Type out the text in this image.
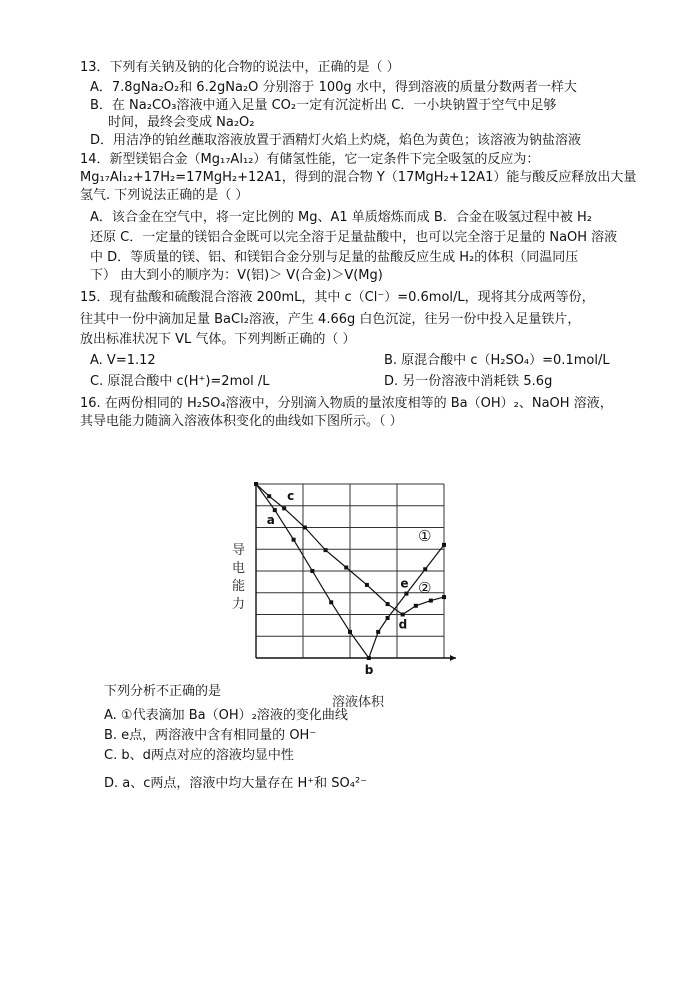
13．下列有关钠及钠的化合物的说法中，正确的是（ ）
A．7.8gNa₂O₂和 6.2gNa₂O 分别溶于 100g 水中，得到溶液的质量分数两者一样大
B．在 Na₂CO₃溶液中通入足量 CO₂一定有沉淀析出 C．一小块钠置于空气中足够
时间，最终会变成 Na₂O₂
D．用洁净的铂丝蘸取溶液放置于酒精灯火焰上灼烧，焰色为黄色；该溶液为钠盐溶液
14．新型镁铝合金（Mg₁₇Al₁₂）有储氢性能，它一定条件下完全吸氢的反应为：
Mg₁₇Al₁₂+17H₂=17MgH₂+12A1，得到的混合物 Y（17MgH₂+12A1）能与酸反应释放出大量
氢气. 下列说法正确的是（ ）
A．该合金在空气中，将一定比例的 Mg、A1 单质熔炼而成 B．合金在吸氢过程中被 H₂
还原 C．一定量的镁铝合金既可以完全溶于足量盐酸中，也可以完全溶于足量的 NaOH 溶液
中 D．等质量的镁、铝、和镁铝合金分别与足量的盐酸反应生成 H₂的体积（同温同压
下） 由大到小的顺序为：V(铝)＞ V(合金)＞V(Mg)
15．现有盐酸和硫酸混合溶液 200mL，其中 c（Cl⁻）=0.6mol/L，现将其分成两等份，
往其中一份中滴加足量 BaCl₂溶液，产生 4.66g 白色沉淀，往另一份中投入足量铁片，
放出标准状况下 VL 气体。下列判断正确的（ ）
A. V=1.12	B. 原混合酸中 c（H₂SO₄）=0.1mol/L
C. 原混合酸中 c(H⁺)=2mol /L	D. 另一份溶液中消耗铁 5.6g
16. 在两份相同的 H₂SO₄溶液中，分别滴入物质的量浓度相等的 Ba（OH）₂、NaOH 溶液，
其导电能力随滴入溶液体积变化的曲线如下图所示。（ ）
①
②
a
c
b
e
d
导电能力
溶液体积
下列分析不正确的是
A. ①代表滴加 Ba（OH）₂溶液的变化曲线
B. e点，两溶液中含有相同量的 OH⁻
C. b、d两点对应的溶液均显中性
D. a、c两点，溶液中均大量存在 H⁺和 SO₄²⁻
